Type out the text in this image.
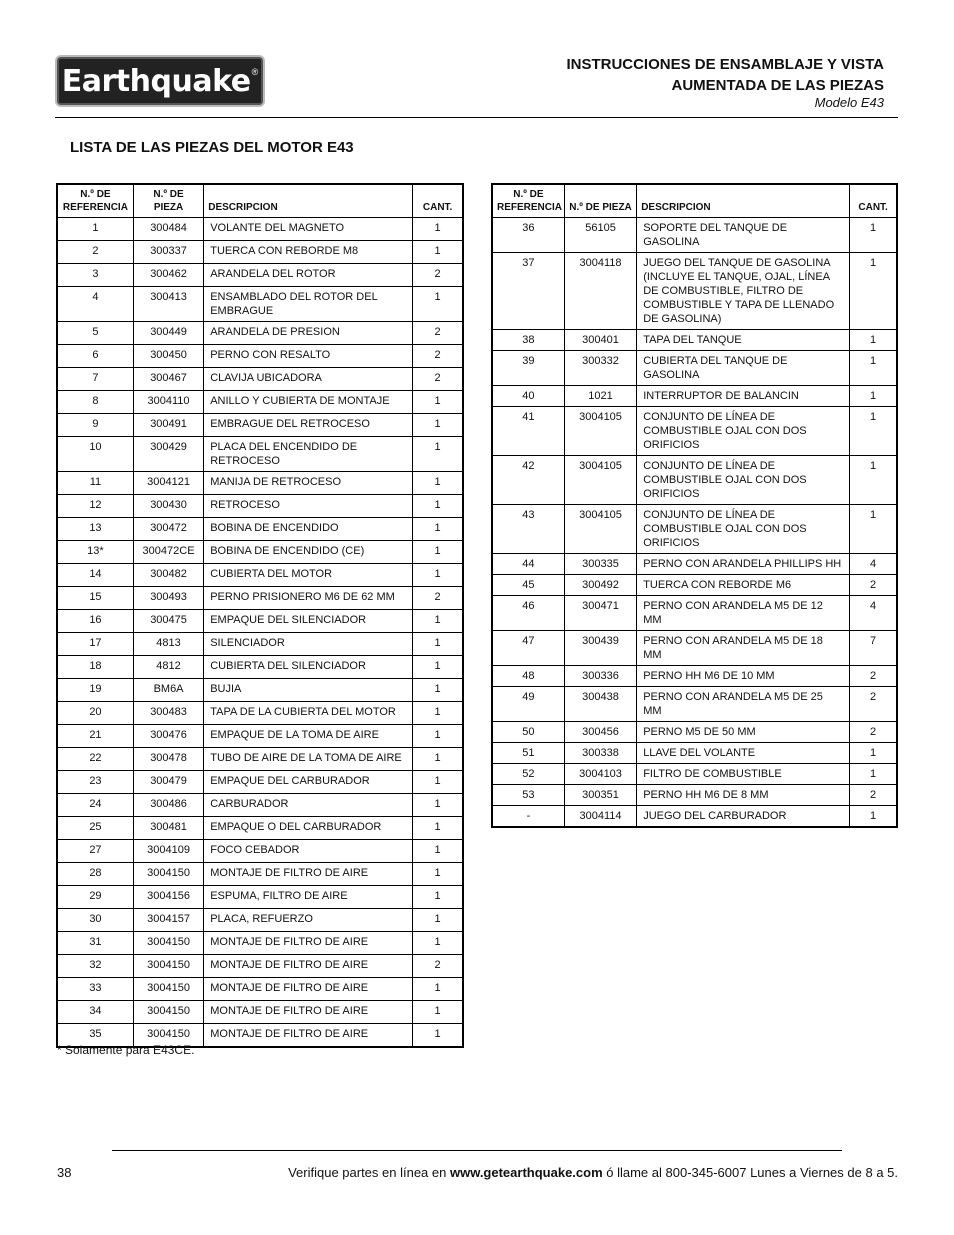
Earthquake ®	INSTRUCCIONES DE ENSAMBLAJE Y VISTA
AUMENTADA DE LAS PIEZAS
Modelo E43
LISTA DE LAS PIEZAS DEL MOTOR E43
N.º DE REFERENCIA	N.º DE PIEZA	DESCRIPCION	CANT.
1	300484	VOLANTE DEL MAGNETO	1
2	300337	TUERCA CON REBORDE M8	1
3	300462	ARANDELA DEL ROTOR	2
4	300413	ENSAMBLADO DEL ROTOR DEL EMBRAGUE	1
5	300449	ARANDELA DE PRESION	2
6	300450	PERNO CON RESALTO	2
7	300467	CLAVIJA UBICADORA	2
8	3004110	ANILLO Y CUBIERTA DE MONTAJE	1
9	300491	EMBRAGUE DEL RETROCESO	1
10	300429	PLACA DEL ENCENDIDO DE RETROCESO	1
11	3004121	MANIJA DE RETROCESO	1
12	300430	RETROCESO	1
13	300472	BOBINA DE ENCENDIDO	1
13*	300472CE	BOBINA DE ENCENDIDO (CE)	1
14	300482	CUBIERTA DEL MOTOR	1
15	300493	PERNO PRISIONERO M6 DE 62 MM	2
16	300475	EMPAQUE DEL SILENCIADOR	1
17	4813	SILENCIADOR	1
18	4812	CUBIERTA DEL SILENCIADOR	1
19	BM6A	BUJIA	1
20	300483	TAPA DE LA CUBIERTA DEL MOTOR	1
21	300476	EMPAQUE DE LA TOMA DE AIRE	1
22	300478	TUBO DE AIRE DE LA TOMA DE AIRE	1
23	300479	EMPAQUE DEL CARBURADOR	1
24	300486	CARBURADOR	1
25	300481	EMPAQUE O DEL CARBURADOR	1
27	3004109	FOCO CEBADOR	1
28	3004150	MONTAJE DE FILTRO DE AIRE	1
29	3004156	ESPUMA, FILTRO DE AIRE	1
30	3004157	PLACA, REFUERZO	1
31	3004150	MONTAJE DE FILTRO DE AIRE	1
32	3004150	MONTAJE DE FILTRO DE AIRE	2
33	3004150	MONTAJE DE FILTRO DE AIRE	1
34	3004150	MONTAJE DE FILTRO DE AIRE	1
35	3004150	MONTAJE DE FILTRO DE AIRE	1
N.º DE REFERENCIA	N.º DE PIEZA	DESCRIPCION	CANT.
36	56105	SOPORTE DEL TANQUE DE GASOLINA	1
37	3004118	JUEGO DEL TANQUE DE GASOLINA (INCLUYE EL TANQUE, OJAL, LÍNEA DE COMBUSTIBLE, FILTRO DE COMBUSTIBLE Y TAPA DE LLENADO DE GASOLINA)	1
38	300401	TAPA DEL TANQUE	1
39	300332	CUBIERTA DEL TANQUE DE GASOLINA	1
40	1021	INTERRUPTOR DE BALANCIN	1
41	3004105	CONJUNTO DE LÍNEA DE COMBUSTIBLE OJAL CON DOS ORIFICIOS	1
42	3004105	CONJUNTO DE LÍNEA DE COMBUSTIBLE OJAL CON DOS ORIFICIOS	1
43	3004105	CONJUNTO DE LÍNEA DE COMBUSTIBLE OJAL CON DOS ORIFICIOS	1
44	300335	PERNO CON ARANDELA PHILLIPS HH	4
45	300492	TUERCA CON REBORDE M6	2
46	300471	PERNO CON ARANDELA M5 DE 12 MM	4
47	300439	PERNO CON ARANDELA M5 DE 18 MM	7
48	300336	PERNO HH M6 DE 10 MM	2
49	300438	PERNO CON ARANDELA M5 DE 25 MM	2
50	300456	PERNO M5 DE 50 MM	2
51	300338	LLAVE DEL VOLANTE	1
52	3004103	FILTRO DE COMBUSTIBLE	1
53	300351	PERNO HH M6 DE 8 MM	2
-	3004114	JUEGO DEL CARBURADOR	1
* Solamente para E43CE.
38	Verifique partes en línea en www.getearthquake.com ó llame al 800-345-6007 Lunes a Viernes de 8 a 5.
